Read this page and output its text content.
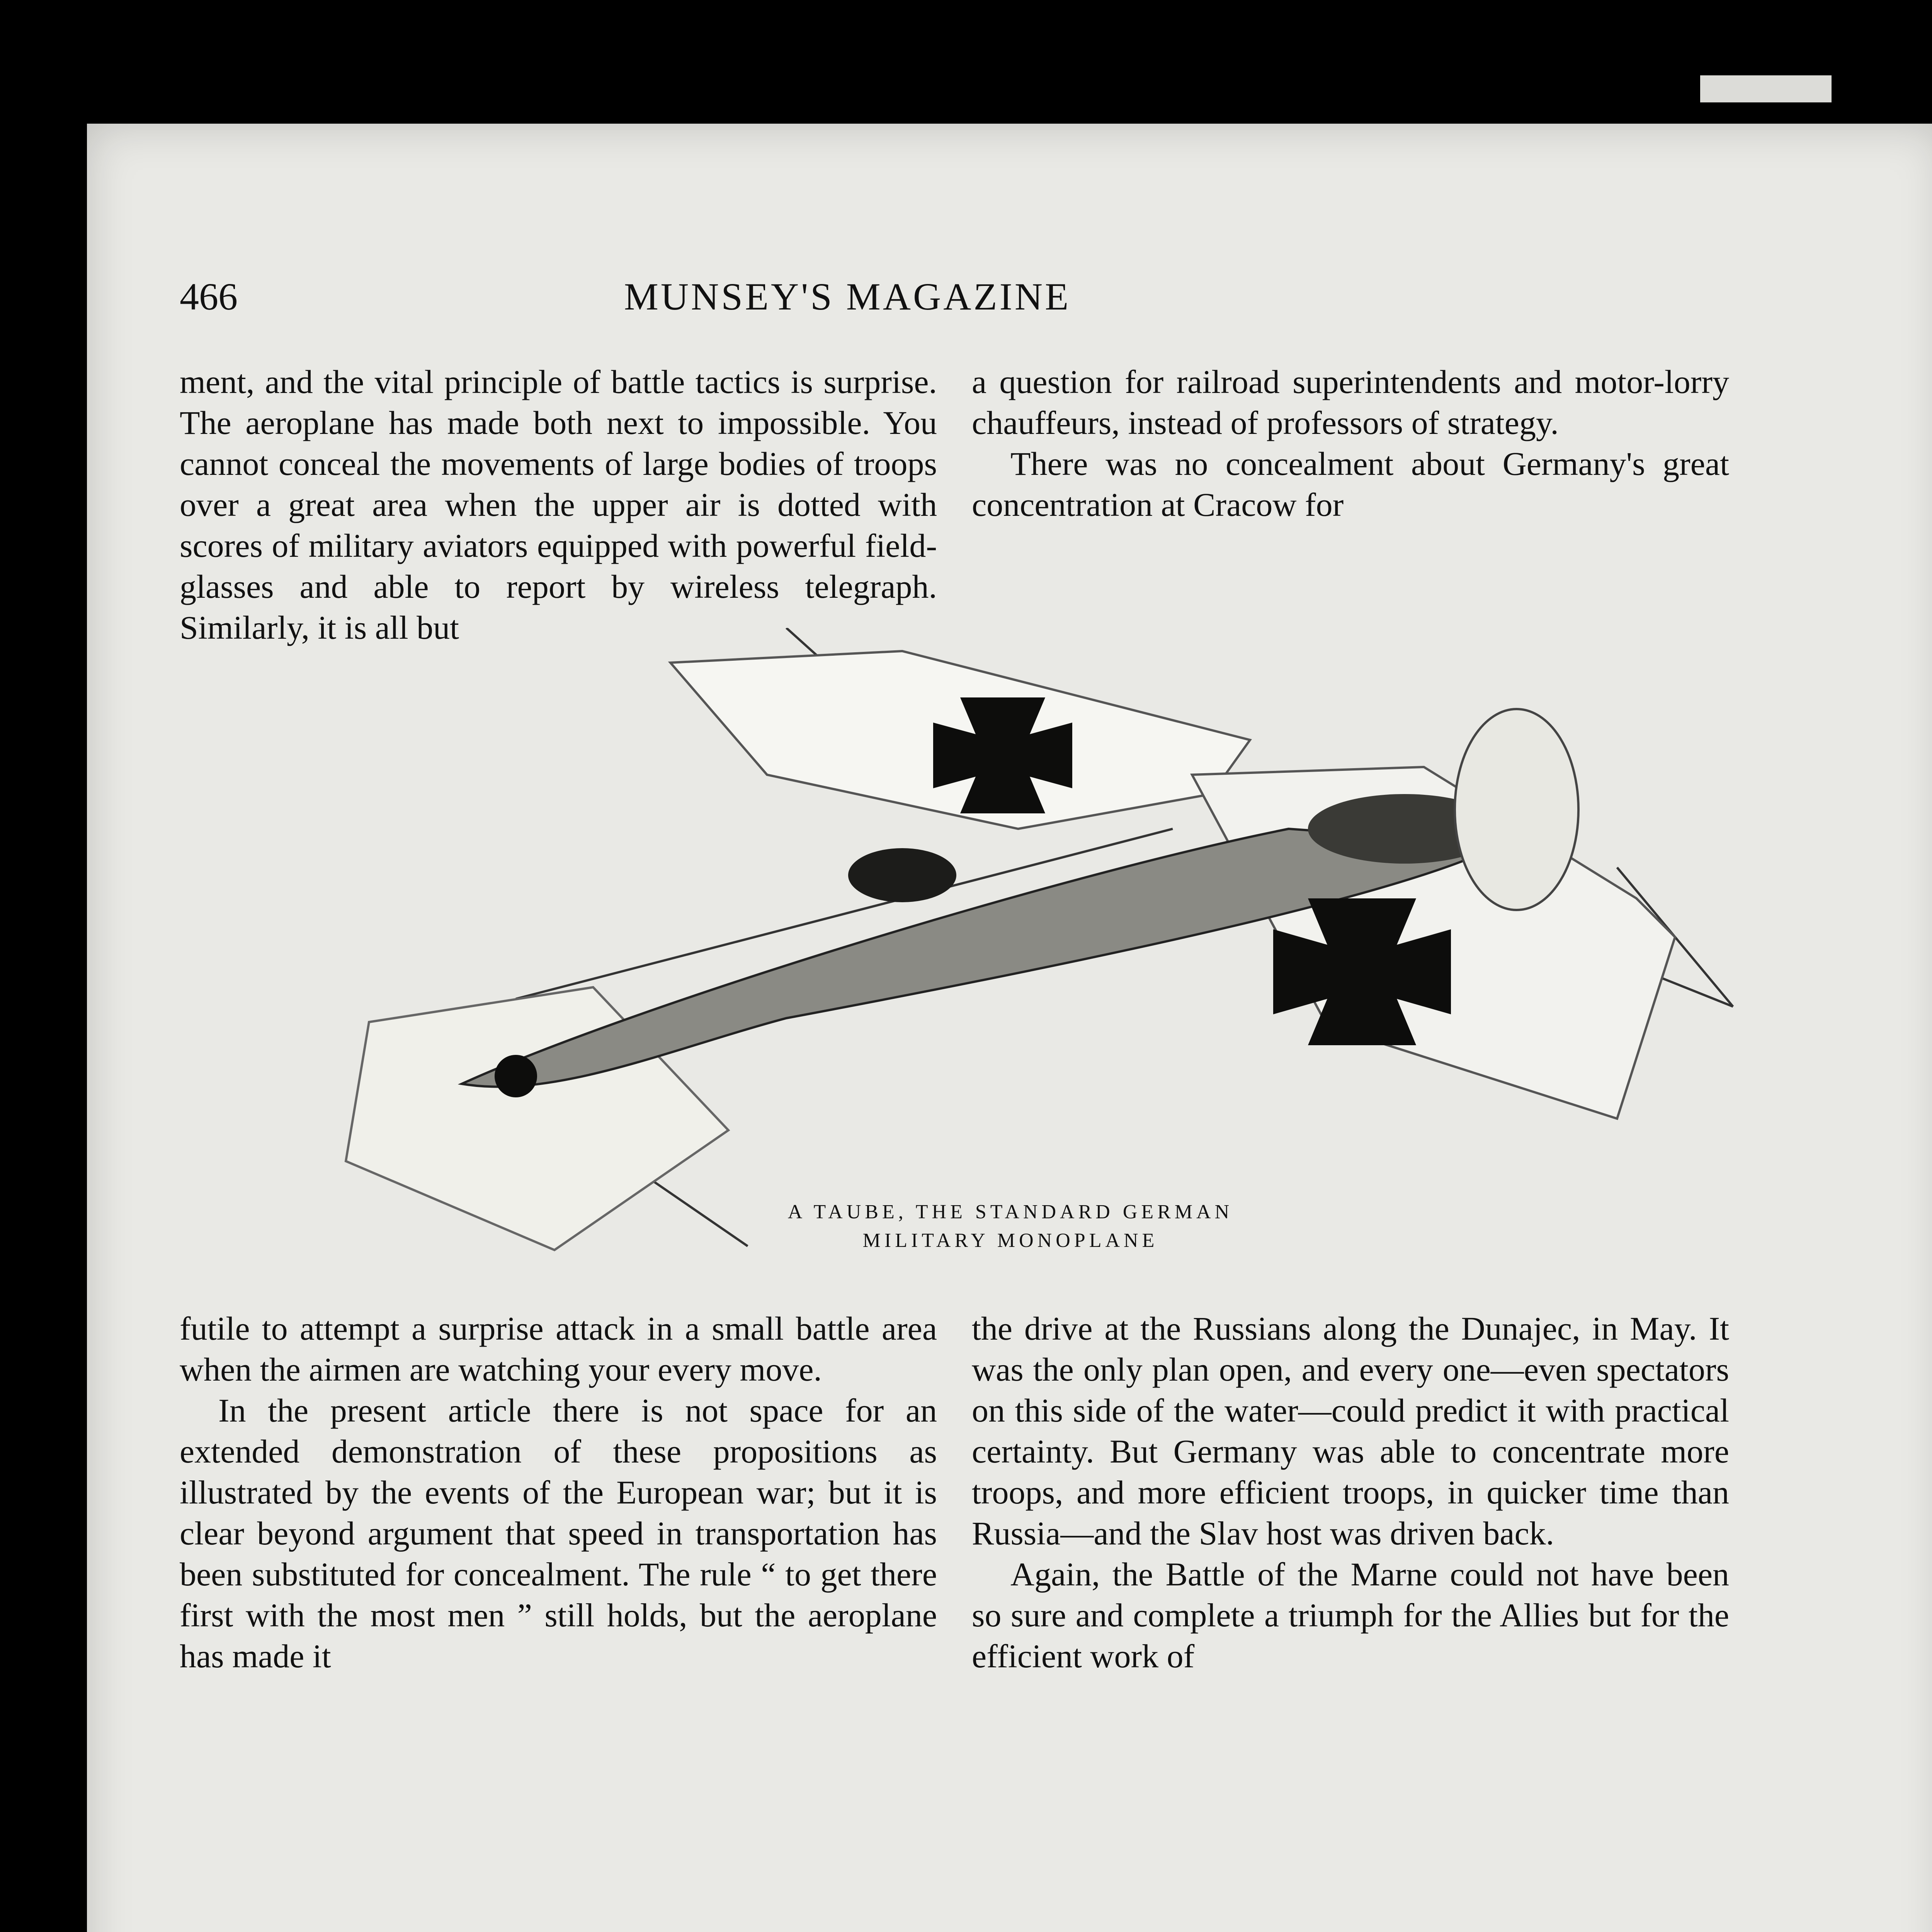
466	MUNSEY'S MAGAZINE

ment, and the vital principle of battle tactics is surprise. The aeroplane has made both next to impossible. You cannot conceal the movements of large bodies of troops over a great area when the upper air is dotted with scores of military aviators equipped with powerful field-glasses and able to report by wireless telegraph. Similarly, it is all but

a question for railroad superintendents and motor-lorry chauffeurs, instead of professors of strategy.

There was no concealment about Germany's great concentration at Cracow for

A TAUBE, THE STANDARD GERMAN
MILITARY MONOPLANE

futile to attempt a surprise attack in a small battle area when the airmen are watching your every move.

In the present article there is not space for an extended demonstration of these propositions as illustrated by the events of the European war; but it is clear beyond argument that speed in transportation has been substituted for concealment. The rule “ to get there first with the most men ” still holds, but the aeroplane has made it

the drive at the Russians along the Dunajec, in May. It was the only plan open, and every one—even spectators on this side of the water—could predict it with practical certainty. But Germany was able to concentrate more troops, and more efficient troops, in quicker time than Russia—and the Slav host was driven back.

Again, the Battle of the Marne could not have been so sure and complete a triumph for the Allies but for the efficient work of
